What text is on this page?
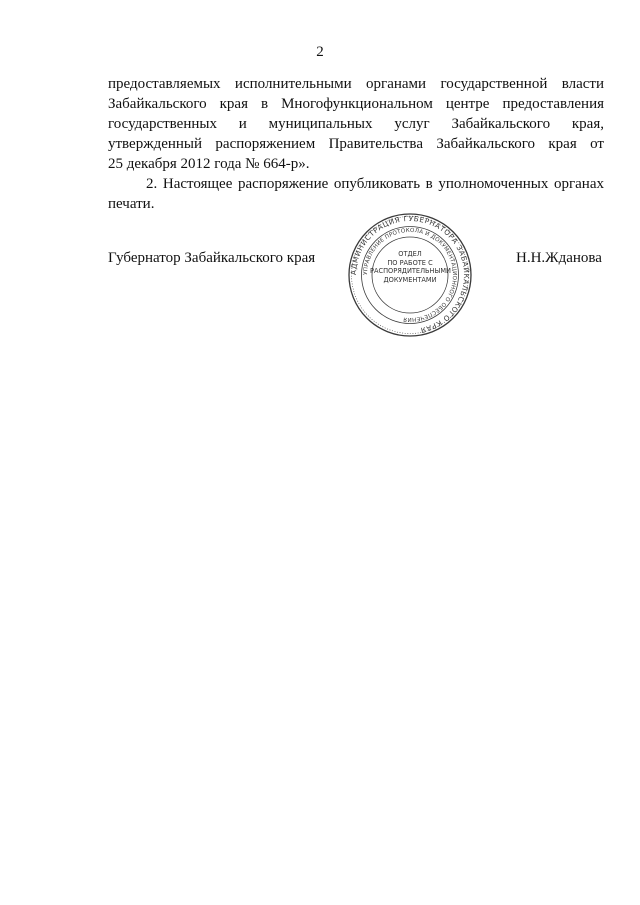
2
предоставляемых исполнительными органами государственной власти
Забайкальского края в Многофункциональном центре предоставления
государственных и муниципальных услуг Забайкальского края,
утвержденный распоряжением Правительства Забайкальского края от
25 декабря 2012 года № 664-р».
2. Настоящее распоряжение опубликовать в уполномоченных органах
печати.
Губернатор Забайкальского края	Н.Н.Жданова
АДМИНИСТРАЦИЯ ГУБЕРНАТОРА ЗАБАЙКАЛЬСКОГО КРАЯ
УПРАВЛЕНИЕ ПРОТОКОЛА И ДОКУМЕНТАЦИОННОГО ОБЕСПЕЧЕНИЯ
ОТДЕЛ
ПО РАБОТЕ С
РАСПОРЯДИТЕЛЬНЫМИ
ДОКУМЕНТАМИ
